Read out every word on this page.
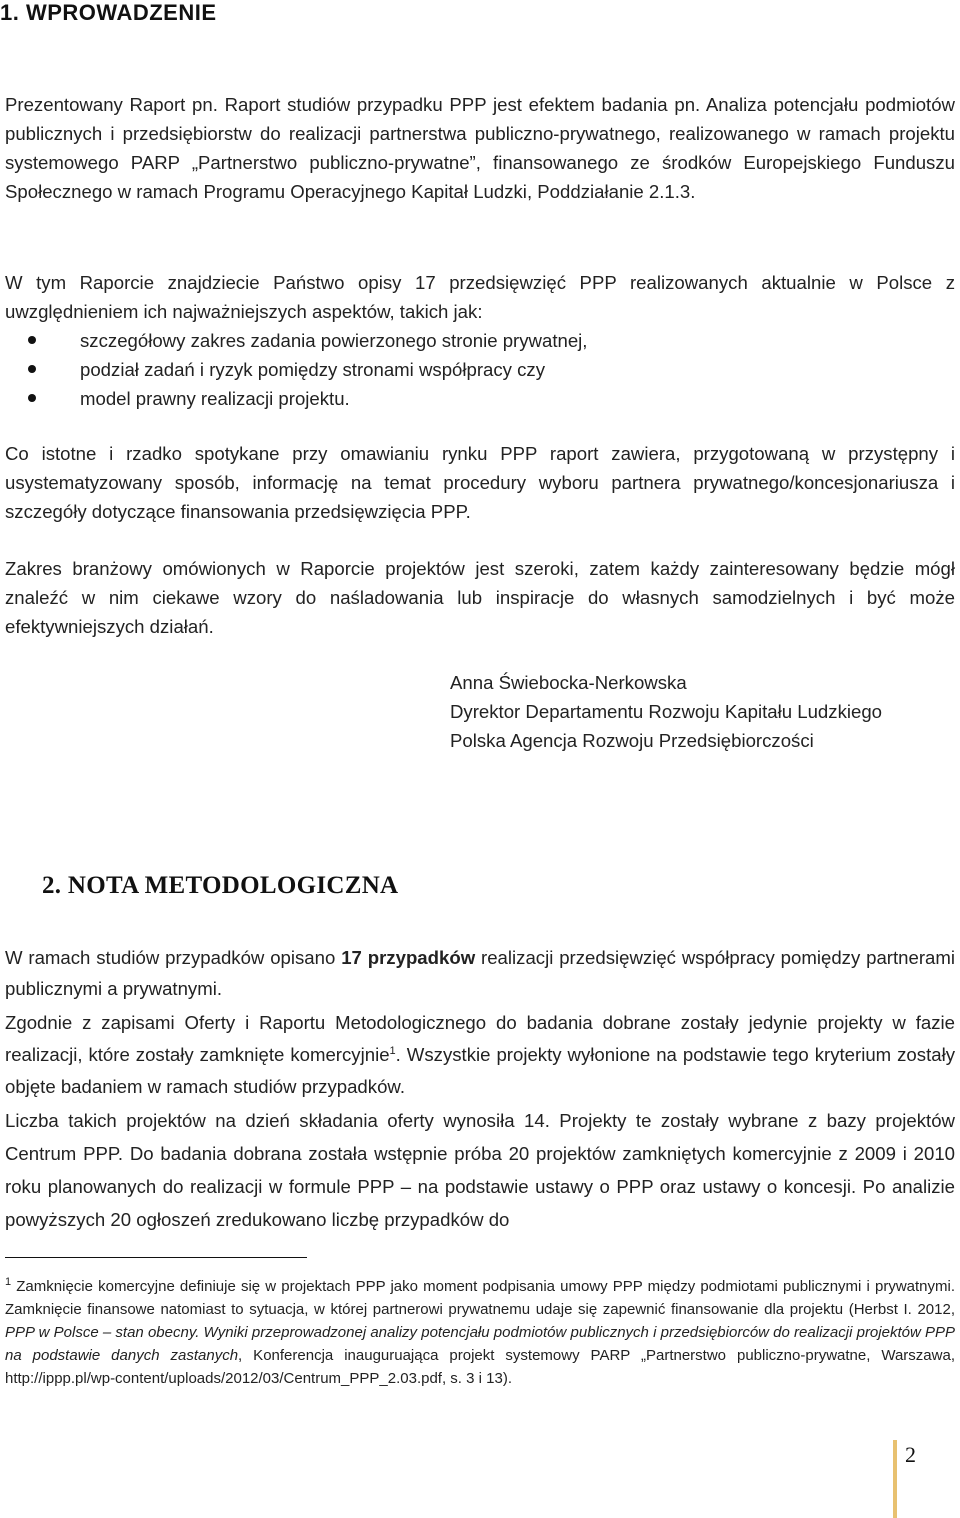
1. WPROWADZENIE
Prezentowany Raport pn. Raport studiów przypadku PPP jest efektem badania pn. Analiza potencjału podmiotów publicznych i przedsiębiorstw do realizacji partnerstwa publiczno-prywatnego, realizowanego w ramach projektu systemowego PARP „Partnerstwo publiczno-prywatne”, finansowanego ze środków Europejskiego Funduszu Społecznego w ramach Programu Operacyjnego Kapitał Ludzki, Poddziałanie 2.1.3.
W tym Raporcie znajdziecie Państwo opisy 17 przedsięwzięć PPP realizowanych aktualnie w Polsce z uwzględnieniem ich najważniejszych aspektów, takich jak:
szczegółowy zakres zadania powierzonego stronie prywatnej,
podział zadań i ryzyk pomiędzy stronami współpracy czy
model prawny realizacji projektu.
Co istotne i rzadko spotykane przy omawianiu rynku PPP raport zawiera, przygotowaną w przystępny i usystematyzowany sposób, informację na temat procedury wyboru partnera prywatnego/koncesjonariusza i szczegóły dotyczące finansowania przedsięwzięcia PPP.
Zakres branżowy omówionych w Raporcie projektów jest szeroki, zatem każdy zainteresowany będzie mógł znaleźć w nim ciekawe wzory do naśladowania lub inspiracje do własnych samodzielnych i być może efektywniejszych działań.
Anna Świebocka-Nerkowska
Dyrektor Departamentu Rozwoju Kapitału Ludzkiego
Polska Agencja Rozwoju Przedsiębiorczości
2. NOTA METODOLOGICZNA
W ramach studiów przypadków opisano 17 przypadków realizacji przedsięwzięć współpracy pomiędzy partnerami publicznymi a prywatnymi.
Zgodnie z zapisami Oferty i Raportu Metodologicznego do badania dobrane zostały jedynie projekty w fazie realizacji, które zostały zamknięte komercyjnie$^1$. Wszystkie projekty wyłonione na podstawie tego kryterium zostały objęte badaniem w ramach studiów przypadków.
Liczba takich projektów na dzień składania oferty wynosiła 14. Projekty te zostały wybrane z bazy projektów Centrum PPP. Do badania dobrana została wstępnie próba 20 projektów zamkniętych komercyjnie z 2009 i 2010 roku planowanych do realizacji w formule PPP – na podstawie ustawy o PPP oraz ustawy o koncesji. Po analizie powyższych 20 ogłoszeń zredukowano liczbę przypadków do
$^1$ Zamknięcie komercyjne definiuje się w projektach PPP jako moment podpisania umowy PPP między podmiotami publicznymi i prywatnymi. Zamknięcie finansowe natomiast to sytuacja, w której partnerowi prywatnemu udaje się zapewnić finansowanie dla projektu (Herbst I. 2012, PPP w Polsce – stan obecny. Wyniki przeprowadzonej analizy potencjału podmiotów publicznych i przedsiębiorców do realizacji projektów PPP na podstawie danych zastanych, Konferencja inauguruająca projekt systemowy PARP „Partnerstwo publiczno-prywatne, Warszawa, http://ippp.pl/wp-content/uploads/2012/03/Centrum_PPP_2.03.pdf, s. 3 i 13).
2
